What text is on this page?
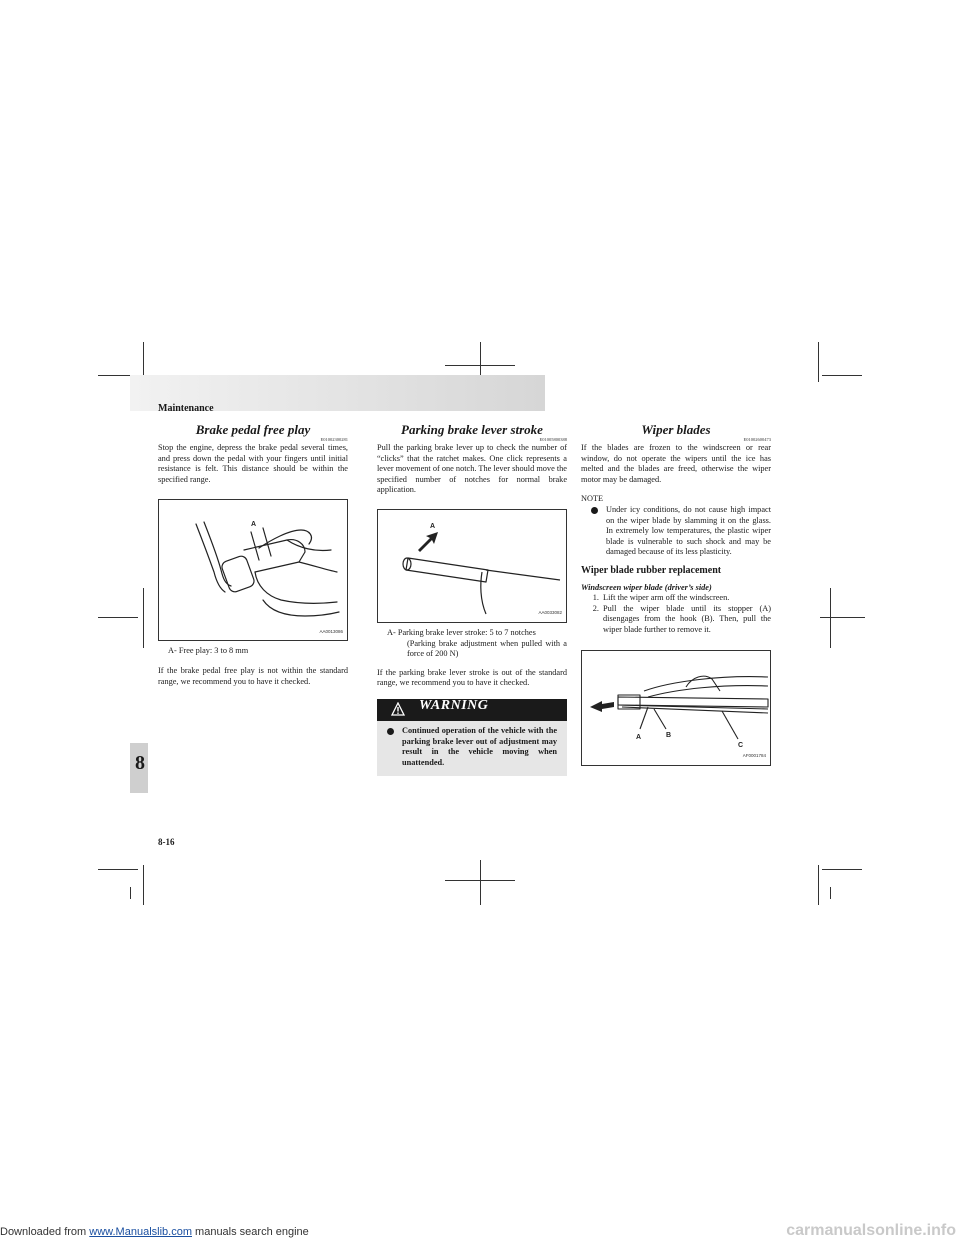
Maintenance
8
Brake pedal free play
E01002300281
Stop the engine, depress the brake pedal several times, and press down the pedal with your fingers until initial resistance is felt. This distance should be within the specified range.
A
AA0013086
A- Free play: 3 to 8 mm
If the brake pedal free play is not within the standard range, we recommend you to have it checked.
Parking brake lever stroke
E01005800388
Pull the parking brake lever up to check the number of “clicks” that the ratchet makes. One click represents a lever movement of one notch. The lever should move the specified number of notches for normal brake application.
A
AA0033082
A- Parking brake lever stroke: 5 to 7 notches
(Parking brake adjustment when pulled with a force of 200 N)
If the parking brake lever stroke is out of the standard range, we recommend you to have it checked.
WARNING
Continued operation of the vehicle with the parking brake lever out of adjustment may result in the vehicle moving when unattended.
Wiper blades
E01002600473
If the blades are frozen to the windscreen or rear window, do not operate the wipers until the ice has melted and the blades are freed, otherwise the wiper motor may be damaged.
NOTE
Under icy conditions, do not cause high impact on the wiper blade by slamming it on the glass. In extremely low temperatures, the plastic wiper blade is vulnerable to such shock and may be damaged because of its less plasticity.
Wiper blade rubber replacement
Windscreen wiper blade (driver’s side)
1. Lift the wiper arm off the windscreen.
2. Pull the wiper blade until its stopper (A) disengages from the hook (B). Then, pull the wiper blade further to remove it.
A	B
C
AF0001784
8-16
Downloaded from www.Manualslib.com manuals search engine	carmanualsonline.info
